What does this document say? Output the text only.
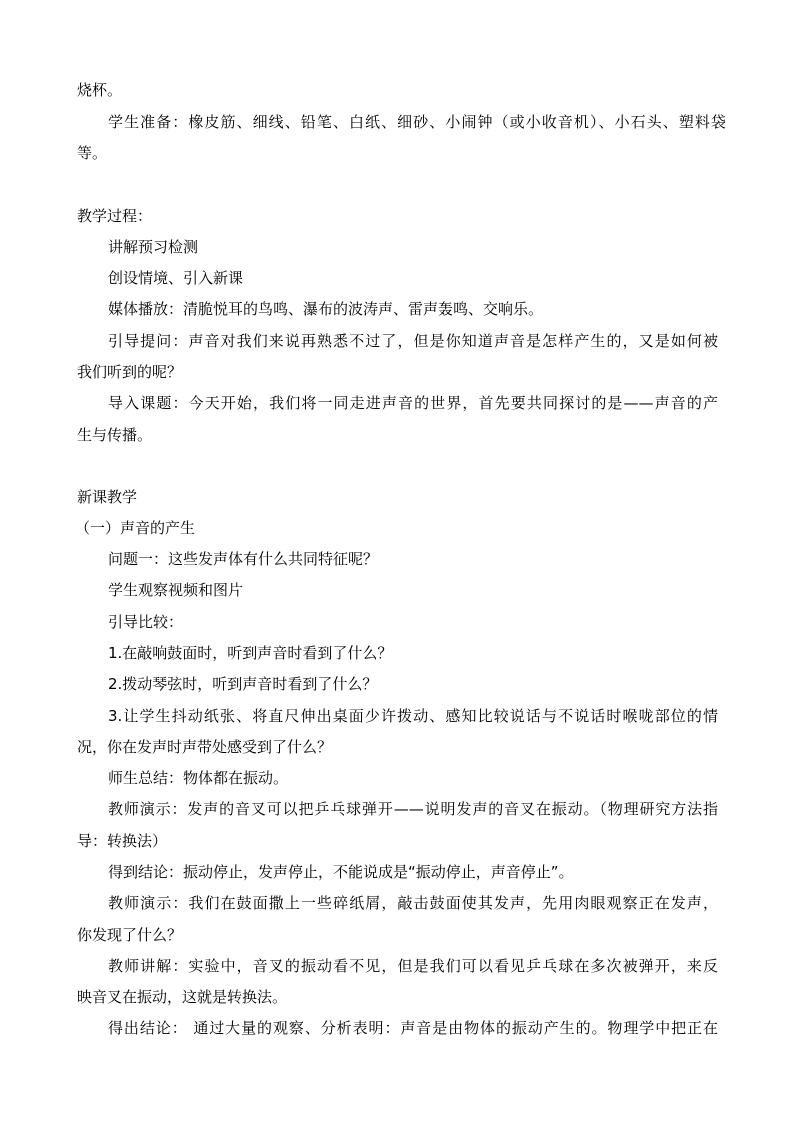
烧杯。
学生准备：橡皮筋、细线、铅笔、白纸、细砂、小闹钟（或小收音机）、小石头、塑料袋
等。
教学过程：
讲解预习检测
创设情境、引入新课
媒体播放：清脆悦耳的鸟鸣、瀑布的波涛声、雷声轰鸣、交响乐。
引导提问：声音对我们来说再熟悉不过了，但是你知道声音是怎样产生的，又是如何被
我们听到的呢？
导入课题：今天开始，我们将一同走进声音的世界，首先要共同探讨的是——声音的产
生与传播。
新课教学
（一）声音的产生
问题一：这些发声体有什么共同特征呢？
学生观察视频和图片
引导比较：
1.在敲响鼓面时，听到声音时看到了什么？
2.拨动琴弦时，听到声音时看到了什么？
3.让学生抖动纸张、将直尺伸出桌面少许拨动、感知比较说话与不说话时喉咙部位的情
况，你在发声时声带处感受到了什么？
师生总结：物体都在振动。
教师演示：发声的音叉可以把乒乓球弹开——说明发声的音叉在振动。（物理研究方法指
导：转换法）
得到结论：振动停止，发声停止，不能说成是“振动停止，声音停止”。
教师演示：我们在鼓面撒上一些碎纸屑，敲击鼓面使其发声，先用肉眼观察正在发声，
你发现了什么？
教师讲解：实验中，音叉的振动看不见，但是我们可以看见乒乓球在多次被弹开，来反
映音叉在振动，这就是转换法。
得出结论： 通过大量的观察、分析表明：声音是由物体的振动产生的。物理学中把正在
